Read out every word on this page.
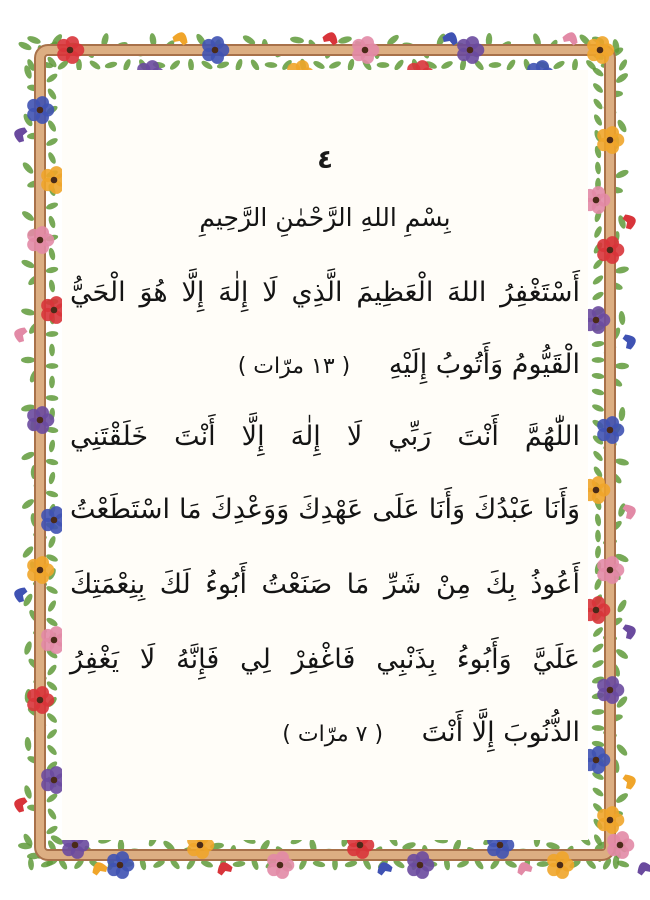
٤
بِسْمِ اللهِ الرَّحْمٰنِ الرَّحِيمِ
أَسْتَغْفِرُ اللهَ الْعَظِيمَ الَّذِي لَا إِلٰهَ إِلَّا هُوَ الْحَيُّ
الْقَيُّومُ وَأَتُوبُ إِلَيْهِ ( ١٣ مرّات )
اللّٰهُمَّ أَنْتَ رَبِّي لَا إِلٰهَ إِلَّا أَنْتَ خَلَقْتَنِي
وَأَنَا عَبْدُكَ وَأَنَا عَلَى عَهْدِكَ وَوَعْدِكَ مَا اسْتَطَعْتُ
أَعُوذُ بِكَ مِنْ شَرِّ مَا صَنَعْتُ أَبُوءُ لَكَ بِنِعْمَتِكَ
عَلَيَّ وَأَبُوءُ بِذَنْبِي فَاغْفِرْ لِي فَإِنَّهُ لَا يَغْفِرُ
الذُّنُوبَ إِلَّا أَنْتَ ( ٧ مرّات )
